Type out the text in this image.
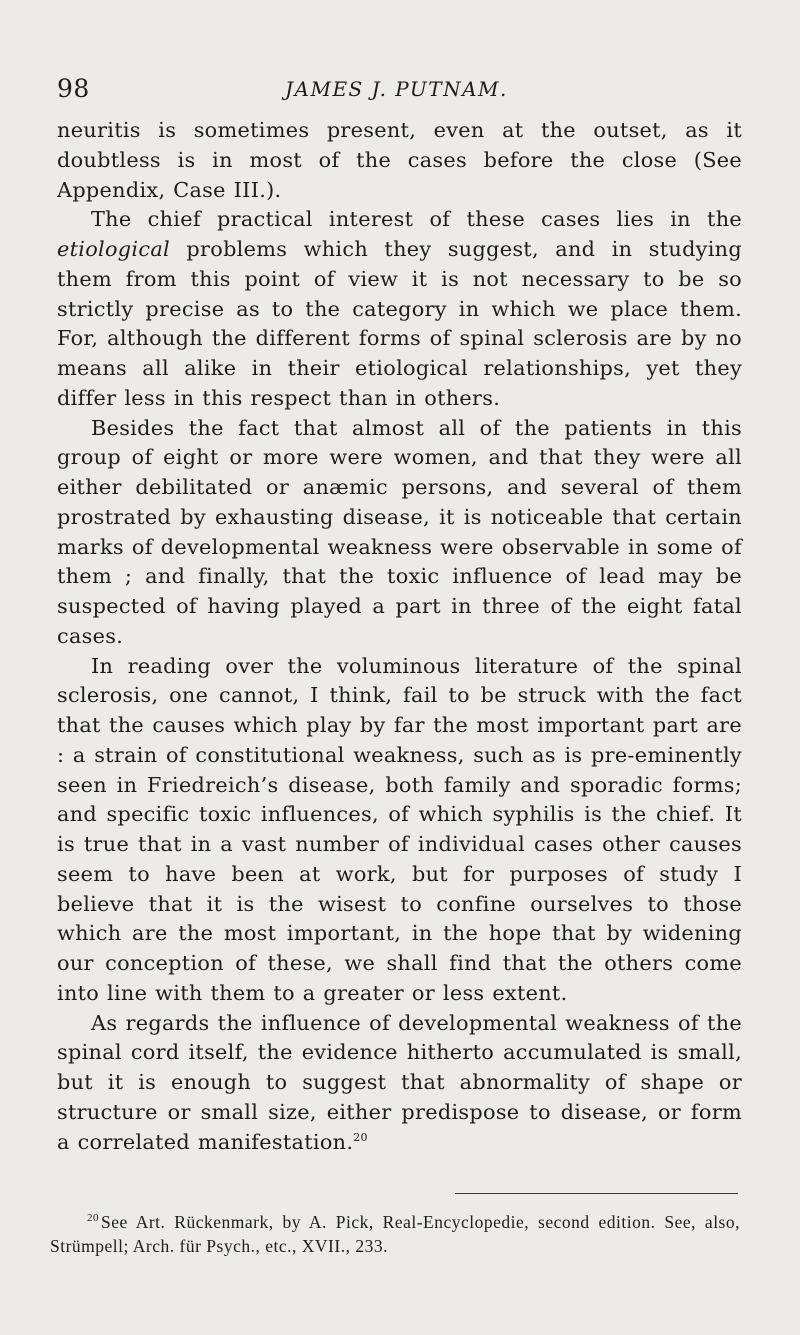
98	JAMES J. PUTNAM.

neuritis is sometimes present, even at the outset, as it doubtless is in most of the cases before the close (See Appendix, Case III.).

The chief practical interest of these cases lies in the etiological problems which they suggest, and in studying them from this point of view it is not necessary to be so strictly precise as to the category in which we place them. For, although the different forms of spinal sclerosis are by no means all alike in their etiological relationships, yet they differ less in this respect than in others.

Besides the fact that almost all of the patients in this group of eight or more were women, and that they were all either debilitated or anæmic persons, and several of them prostrated by exhausting disease, it is noticeable that certain marks of developmental weakness were observable in some of them ; and finally, that the toxic influence of lead may be suspected of having played a part in three of the eight fatal cases.

In reading over the voluminous literature of the spinal sclerosis, one cannot, I think, fail to be struck with the fact that the causes which play by far the most important part are : a strain of constitutional weakness, such as is pre-eminently seen in Friedreich’s disease, both family and sporadic forms; and specific toxic influences, of which syphilis is the chief. It is true that in a vast number of individual cases other causes seem to have been at work, but for purposes of study I believe that it is the wisest to confine ourselves to those which are the most important, in the hope that by widening our conception of these, we shall find that the others come into line with them to a greater or less extent.

As regards the influence of developmental weakness of the spinal cord itself, the evidence hitherto accumulated is small, but it is enough to suggest that abnormality of shape or structure or small size, either predispose to disease, or form a correlated manifestation.$^{20}$

$^{20}$ See Art. Rückenmark, by A. Pick, Real-Encyclopedie, second edition. See, also, Strümpell; Arch. für Psych., etc., XVII., 233.
